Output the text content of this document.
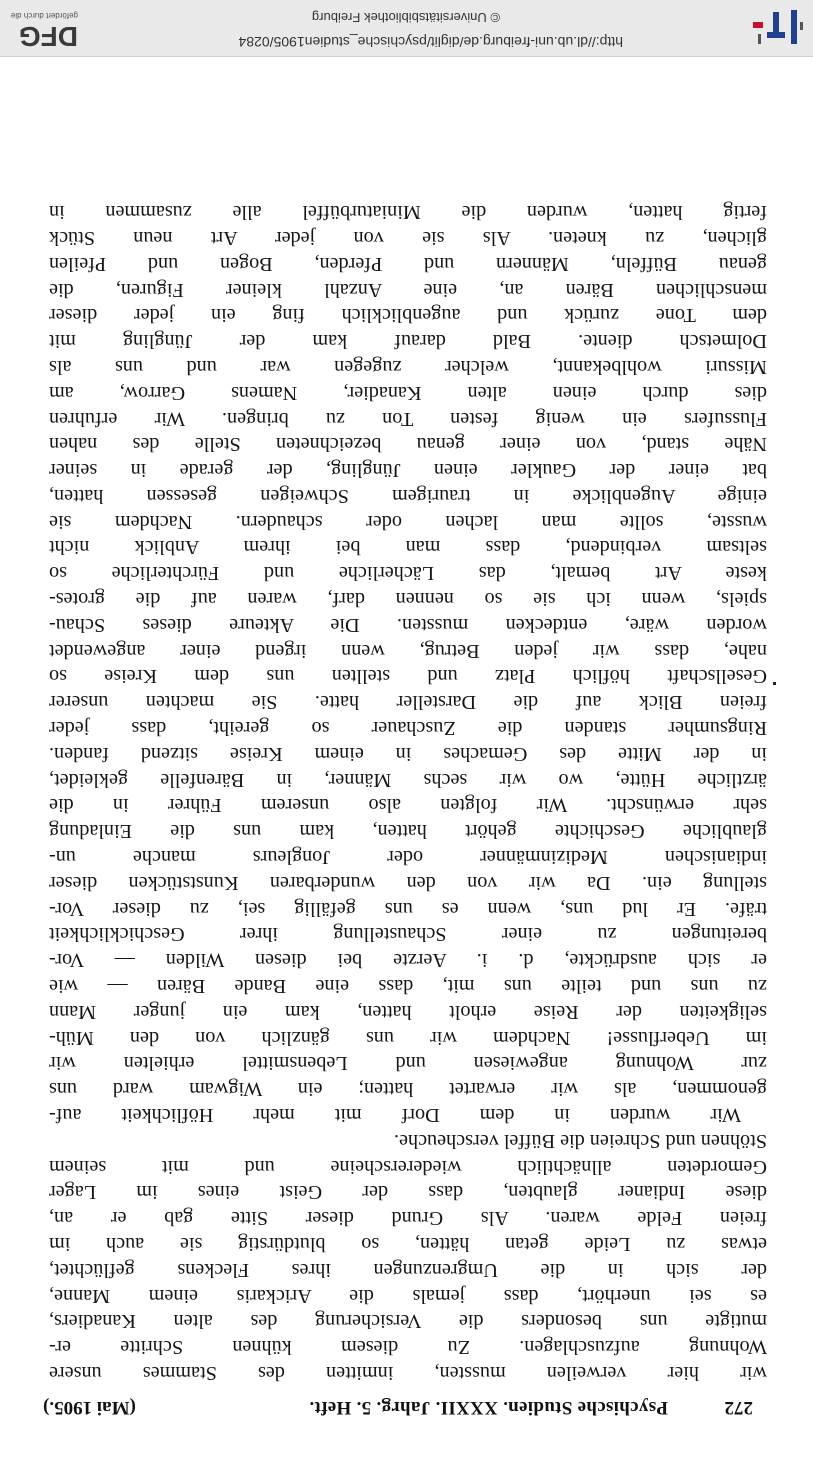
272
Psychische Studien. XXXII. Jahrg. 5. Heft.
(Mai 1905.)
wir hier verweilen mussten, inmitten des Stammes unsere
Wohnung aufzuschlagen. Zu diesem kühnen Schritte er-
mutigte uns besonders die Versicherung des alten Kanadiers,
es sei unerhört, dass jemals die Arickaris einem Manne,
der sich in die Umgrenzungen ihres Fleckens geflüchtet,
etwas zu Leide getan hätten, so blutdürstig sie auch im
freien Felde waren. Als Grund dieser Sitte gab er an,
diese Indianer glaubten, dass der Geist eines im Lager
Gemordeten allnächtlich wiedererscheine und mit seinem
Stöhnen und Schreien die Büffel verscheuche.
Wir wurden in dem Dorf mit mehr Höflichkeit auf-
genommen, als wir erwartet hatten; ein Wigwam ward uns
zur Wohnung angewiesen und Lebensmittel erhielten wir
im Ueberflusse! Nachdem wir uns gänzlich von den Müh-
seligkeiten der Reise erholt hatten, kam ein junger Mann
zu uns und teilte uns mit, dass eine Bande Bären — wie
er sich ausdrückte, d. i. Aerzte bei diesen Wilden — Vor-
bereitungen zu einer Schaustellung ihrer Geschicklichkeit
träfe. Er lud uns, wenn es uns gefällig sei, zu dieser Vor-
stellung ein. Da wir von den wunderbaren Kunststücken dieser
indianischen Medizinmänner oder Jongleurs manche un-
glaubliche Geschichte gehört hatten, kam uns die Einladung
sehr erwünscht. Wir folgten also unserem Führer in die
ärztliche Hütte, wo wir sechs Männer, in Bärenfelle gekleidet,
in der Mitte des Gemaches in einem Kreise sitzend fanden.
Ringsumher standen die Zuschauer so gereiht, dass jeder
freien Blick auf die Darsteller hatte. Sie machten unserer
Gesellschaft höflich Platz und stellten uns dem Kreise so
nahe, dass wir jeden Betrug, wenn irgend einer angewendet
worden wäre, entdecken mussten. Die Akteure dieses Schau-
spiels, wenn ich sie so nennen darf, waren auf die grotes-
keste Art bemalt, das Lächerliche und Fürchterliche so
seltsam verbindend, dass man bei ihrem Anblick nicht
wusste, sollte man lachen oder schaudern. Nachdem sie
einige Augenblicke in traurigem Schweigen gesessen hatten,
bat einer der Gaukler einen Jüngling, der gerade in seiner
Nähe stand, von einer genau bezeichneten Stelle des nahen
Flussufers ein wenig festen Ton zu bringen. Wir erfuhren
dies durch einen alten Kanadier, Namens Garrow, am
Missuri wohlbekannt, welcher zugegen war und uns als
Dolmetsch diente. Bald darauf kam der Jüngling mit
dem Tone zurück und augenblicklich fing ein jeder dieser
menschlichen Bären an, eine Anzahl kleiner Figuren, die
genau Büffeln, Männern und Pferden, Bogen und Pfeilen
glichen, zu kneten. Als sie von jeder Art neun Stück
fertig hatten, wurden die Miniaturbüffel alle zusammen in
http://dl.ub.uni-freiburg.de/diglit/psychische_studien1905/0284
© Universitätsbibliothek Freiburg
DFG
gefördert durch die
